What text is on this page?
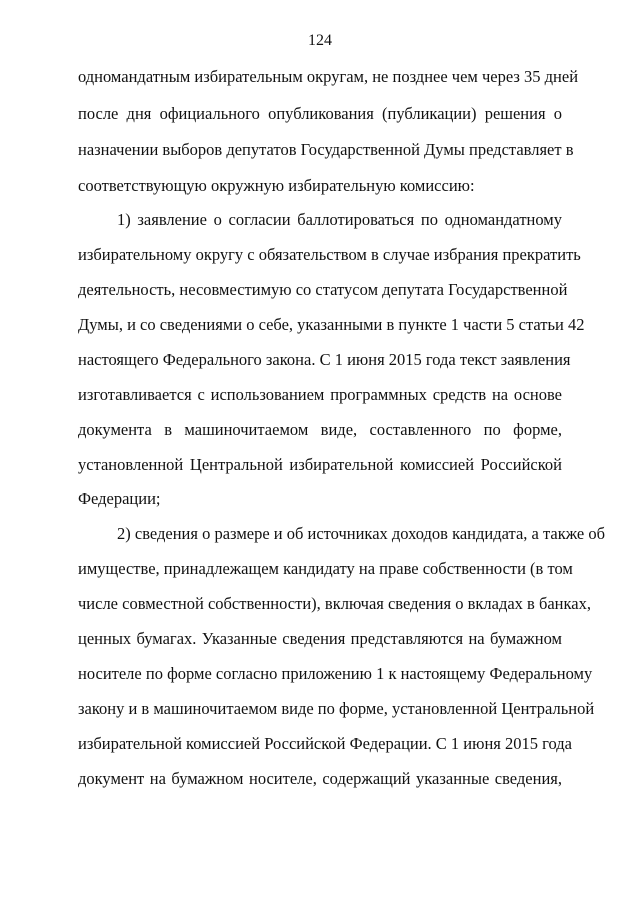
124
одномандатным избирательным округам, не позднее чем через 35 дней
после дня официального опубликования (публикации) решения о
назначении выборов депутатов Государственной Думы представляет в
соответствующую окружную избирательную комиссию:
1) заявление о согласии баллотироваться по одномандатному
избирательному округу с обязательством в случае избрания прекратить
деятельность, несовместимую со статусом депутата Государственной
Думы, и со сведениями о себе, указанными в пункте 1 части 5 статьи 42
настоящего Федерального закона. С 1 июня 2015 года текст заявления
изготавливается с использованием программных средств на основе
документа в машиночитаемом виде, составленного по форме,
установленной Центральной избирательной комиссией Российской
Федерации;
2) сведения о размере и об источниках доходов кандидата, а также об
имуществе, принадлежащем кандидату на праве собственности (в том
числе совместной собственности), включая сведения о вкладах в банках,
ценных бумагах. Указанные сведения представляются на бумажном
носителе по форме согласно приложению 1 к настоящему Федеральному
закону и в машиночитаемом виде по форме, установленной Центральной
избирательной комиссией Российской Федерации. С 1 июня 2015 года
документ на бумажном носителе, содержащий указанные сведения,
